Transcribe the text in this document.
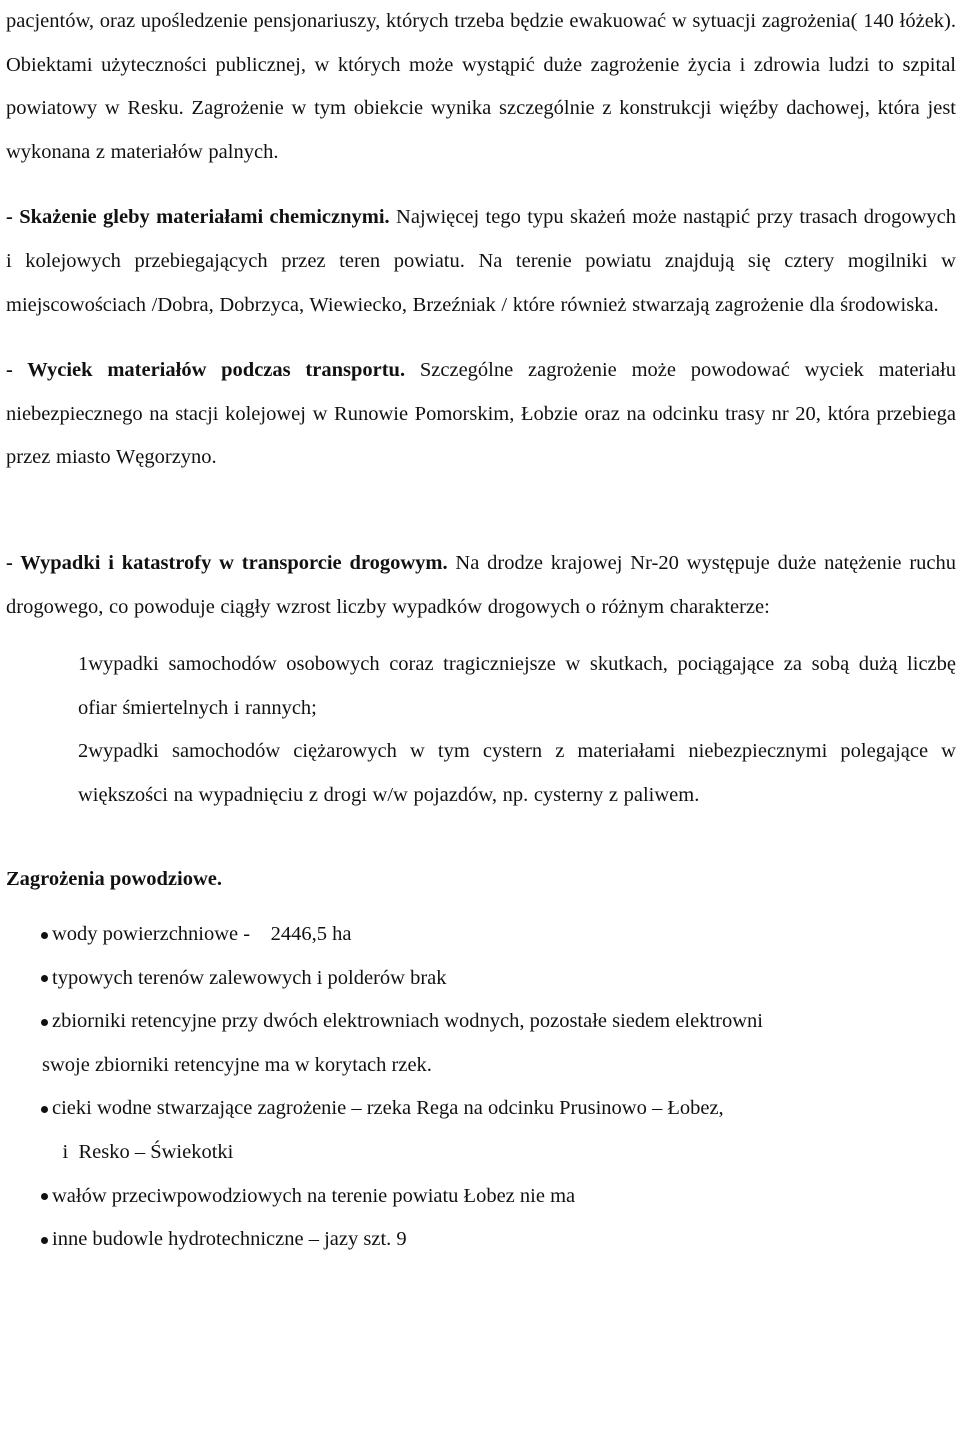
pacjentów, oraz upośledzenie pensjonariuszy, których trzeba będzie ewakuować w sytuacji zagrożenia( 140 łóżek). Obiektami użyteczności publicznej, w których może wystąpić duże zagrożenie życia i zdrowia ludzi to szpital powiatowy w Resku. Zagrożenie w tym obiekcie wynika szczególnie z konstrukcji więźby dachowej, która jest wykonana z materiałów palnych.

- Skażenie gleby materiałami chemicznymi. Najwięcej tego typu skażeń może nastąpić przy trasach drogowych i kolejowych przebiegających przez teren powiatu. Na terenie powiatu znajdują się cztery mogilniki w miejscowościach /Dobra, Dobrzyca, Wiewiecko, Brzeźniak / które również stwarzają zagrożenie dla środowiska.

- Wyciek materiałów podczas transportu. Szczególne zagrożenie może powodować wyciek materiału niebezpiecznego na stacji kolejowej w Runowie Pomorskim, Łobzie oraz na odcinku trasy nr 20, która przebiega przez miasto Węgorzyno.

- Wypadki i katastrofy w transporcie drogowym. Na drodze krajowej Nr-20 występuje duże natężenie ruchu drogowego, co powoduje ciągły wzrost liczby wypadków drogowych o różnym charakterze:

1wypadki samochodów osobowych coraz tragiczniejsze w skutkach, pociągające za sobą dużą liczbę ofiar śmiertelnych i rannych;

2wypadki samochodów ciężarowych w tym cystern z materiałami niebezpiecznymi polegające w większości na wypadnięciu z drogi w/w pojazdów, np. cysterny z paliwem.

Zagrożenia powodziowe.

wody powierzchniowe -    2446,5 ha
typowych terenów zalewowych i polderów brak
zbiorniki retencyjne przy dwóch elektrowniach wodnych, pozostałe siedem elektrowni
swoje zbiorniki retencyjne ma w korytach rzek.
cieki wodne stwarzające zagrożenie – rzeka Rega na odcinku Prusinowo – Łobez,
i  Resko – Świekotki
wałów przeciwpowodziowych na terenie powiatu Łobez nie ma
inne budowle hydrotechniczne – jazy szt. 9
